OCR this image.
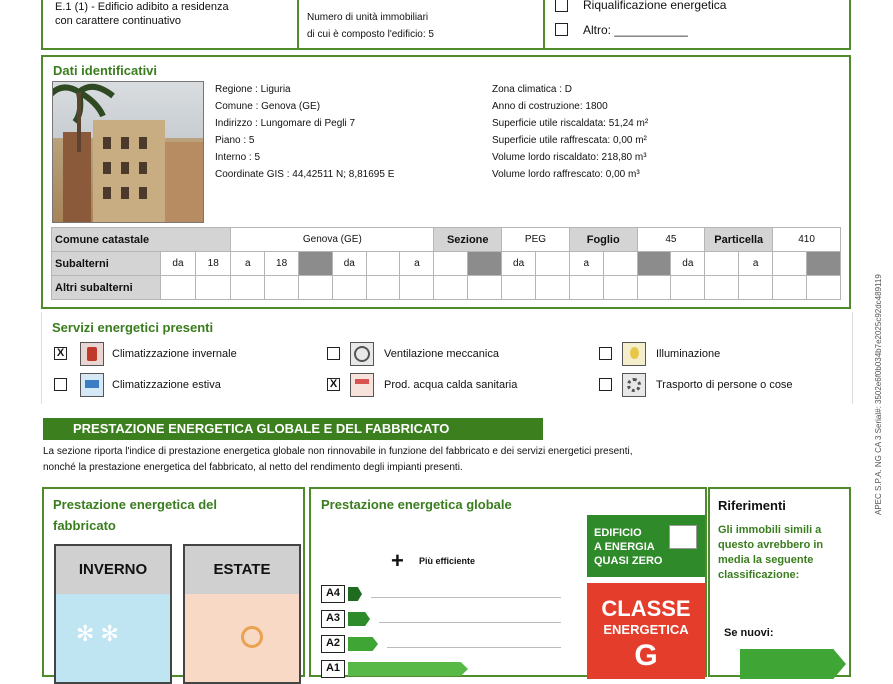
E.1 (1) - Edificio adibito a residenza
con carattere continuativo	Numero di unità immobiliari
di cui è composto l'edificio: 5
Riqualificazione energetica
Altro: ___________
Dati identificativi
Regione : Liguria
Comune : Genova (GE)
Indirizzo : Lungomare di Pegli 7
Piano : 5
Interno : 5
Coordinate GIS : 44,42511 N; 8,81695 E
Zona climatica : D
Anno di costruzione: 1800
Superficie utile riscaldata: 51,24 m²
Superficie utile raffrescata: 0,00 m²
Volume lordo riscaldato: 218,80 m³
Volume lordo raffrescato: 0,00 m³
Comune catastale			Genova (GE)						Sezione		PEG		Foglio		45		Particella		410	
Subalterni	da	18	a	18		da		a			da		a			da		a		
Altri subalterni																				
Servizi energetici presenti
X	Climatizzazione invernale	Ventilazione meccanica	Illuminazione
Climatizzazione estiva	X	Prod. acqua calda sanitaria	Trasporto di persone o cose
PRESTAZIONE ENERGETICA GLOBALE E DEL FABBRICATO
La sezione riporta l'indice di prestazione energetica globale non rinnovabile in funzione del fabbricato e dei servizi energetici presenti,
nonché la prestazione energetica del fabbricato, al netto del rendimento degli impianti presenti.
Prestazione energetica del
fabbricato
INVERNO
✻ ✻
ESTATE
Prestazione energetica globale
+ Più efficiente
A4
A3
A2
A1
EDIFICIO
A ENERGIA
QUASI ZERO
CLASSE
ENERGETICA
G
Riferimenti
Gli immobili simili a
questo avrebbero in
media la seguente
classificazione:
Se nuovi:
APEC S.P.A. NG CA 3 Serial#: 3502e6f0b034b7e2025c92dc489119
